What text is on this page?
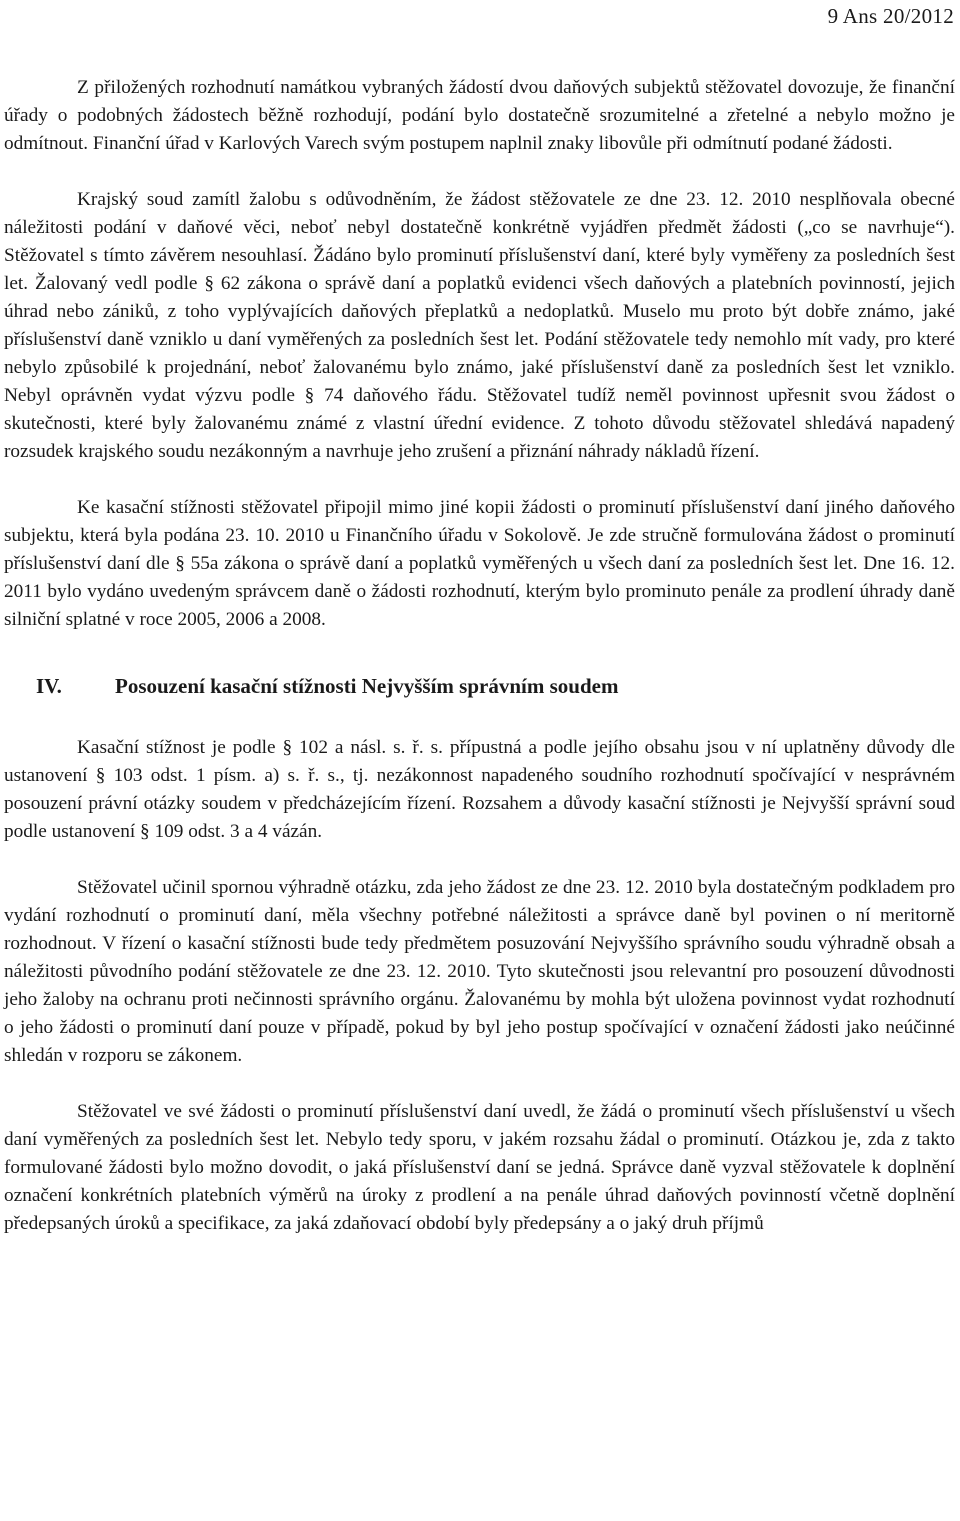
9 Ans 20/2012

Z přiložených rozhodnutí namátkou vybraných žádostí dvou daňových subjektů stěžovatel dovozuje, že finanční úřady o podobných žádostech běžně rozhodují, podání bylo dostatečně srozumitelné a zřetelné a nebylo možno je odmítnout. Finanční úřad v Karlových Varech svým postupem naplnil znaky libovůle při odmítnutí podané žádosti.

Krajský soud zamítl žalobu s odůvodněním, že žádost stěžovatele ze dne 23. 12. 2010 nesplňovala obecné náležitosti podání v daňové věci, neboť nebyl dostatečně konkrétně vyjádřen předmět žádosti („co se navrhuje“). Stěžovatel s tímto závěrem nesouhlasí. Žádáno bylo prominutí příslušenství daní, které byly vyměřeny za posledních šest let. Žalovaný vedl podle § 62 zákona o správě daní a poplatků evidenci všech daňových a platebních povinností, jejich úhrad nebo zániků, z toho vyplývajících daňových přeplatků a nedoplatků. Muselo mu proto být dobře známo, jaké příslušenství daně vzniklo u daní vyměřených za posledních šest let. Podání stěžovatele tedy nemohlo mít vady, pro které nebylo způsobilé k projednání, neboť žalovanému bylo známo, jaké příslušenství daně za posledních šest let vzniklo. Nebyl oprávněn vydat výzvu podle § 74 daňového řádu. Stěžovatel tudíž neměl povinnost upřesnit svou žádost o skutečnosti, které byly žalovanému známé z vlastní úřední evidence. Z tohoto důvodu stěžovatel shledává napadený rozsudek krajského soudu nezákonným a navrhuje jeho zrušení a přiznání náhrady nákladů řízení.

Ke kasační stížnosti stěžovatel připojil mimo jiné kopii žádosti o prominutí příslušenství daní jiného daňového subjektu, která byla podána 23. 10. 2010 u Finančního úřadu v Sokolově. Je zde stručně formulována žádost o prominutí příslušenství daní dle § 55a zákona o správě daní a poplatků vyměřených u všech daní za posledních šest let. Dne 16. 12. 2011 bylo vydáno uvedeným správcem daně o žádosti rozhodnutí, kterým bylo prominuto penále za prodlení úhrady daně silniční splatné v roce 2005, 2006 a 2008.

IV.	Posouzení kasační stížnosti Nejvyšším správním soudem

Kasační stížnost je podle § 102 a násl. s. ř. s. přípustná a podle jejího obsahu jsou v ní uplatněny důvody dle ustanovení § 103 odst. 1 písm. a) s. ř. s., tj. nezákonnost napadeného soudního rozhodnutí spočívající v nesprávném posouzení právní otázky soudem v předcházejícím řízení. Rozsahem a důvody kasační stížnosti je Nejvyšší správní soud podle ustanovení § 109 odst. 3 a 4 vázán.

Stěžovatel učinil spornou výhradně otázku, zda jeho žádost ze dne 23. 12. 2010 byla dostatečným podkladem pro vydání rozhodnutí o prominutí daní, měla všechny potřebné náležitosti a správce daně byl povinen o ní meritorně rozhodnout. V řízení o kasační stížnosti bude tedy předmětem posuzování Nejvyššího správního soudu výhradně obsah a náležitosti původního podání stěžovatele ze dne 23. 12. 2010. Tyto skutečnosti jsou relevantní pro posouzení důvodnosti jeho žaloby na ochranu proti nečinnosti správního orgánu. Žalovanému by mohla být uložena povinnost vydat rozhodnutí o jeho žádosti o prominutí daní pouze v případě, pokud by byl jeho postup spočívající v označení žádosti jako neúčinné shledán v rozporu se zákonem.

Stěžovatel ve své žádosti o prominutí příslušenství daní uvedl, že žádá o prominutí všech příslušenství u všech daní vyměřených za posledních šest let. Nebylo tedy sporu, v jakém rozsahu žádal o prominutí. Otázkou je, zda z takto formulované žádosti bylo možno dovodit, o jaká příslušenství daní se jedná. Správce daně vyzval stěžovatele k doplnění označení konkrétních platebních výměrů na úroky z prodlení a na penále úhrad daňových povinností včetně doplnění předepsaných úroků a specifikace, za jaká zdaňovací období byly předepsány a o jaký druh příjmů
